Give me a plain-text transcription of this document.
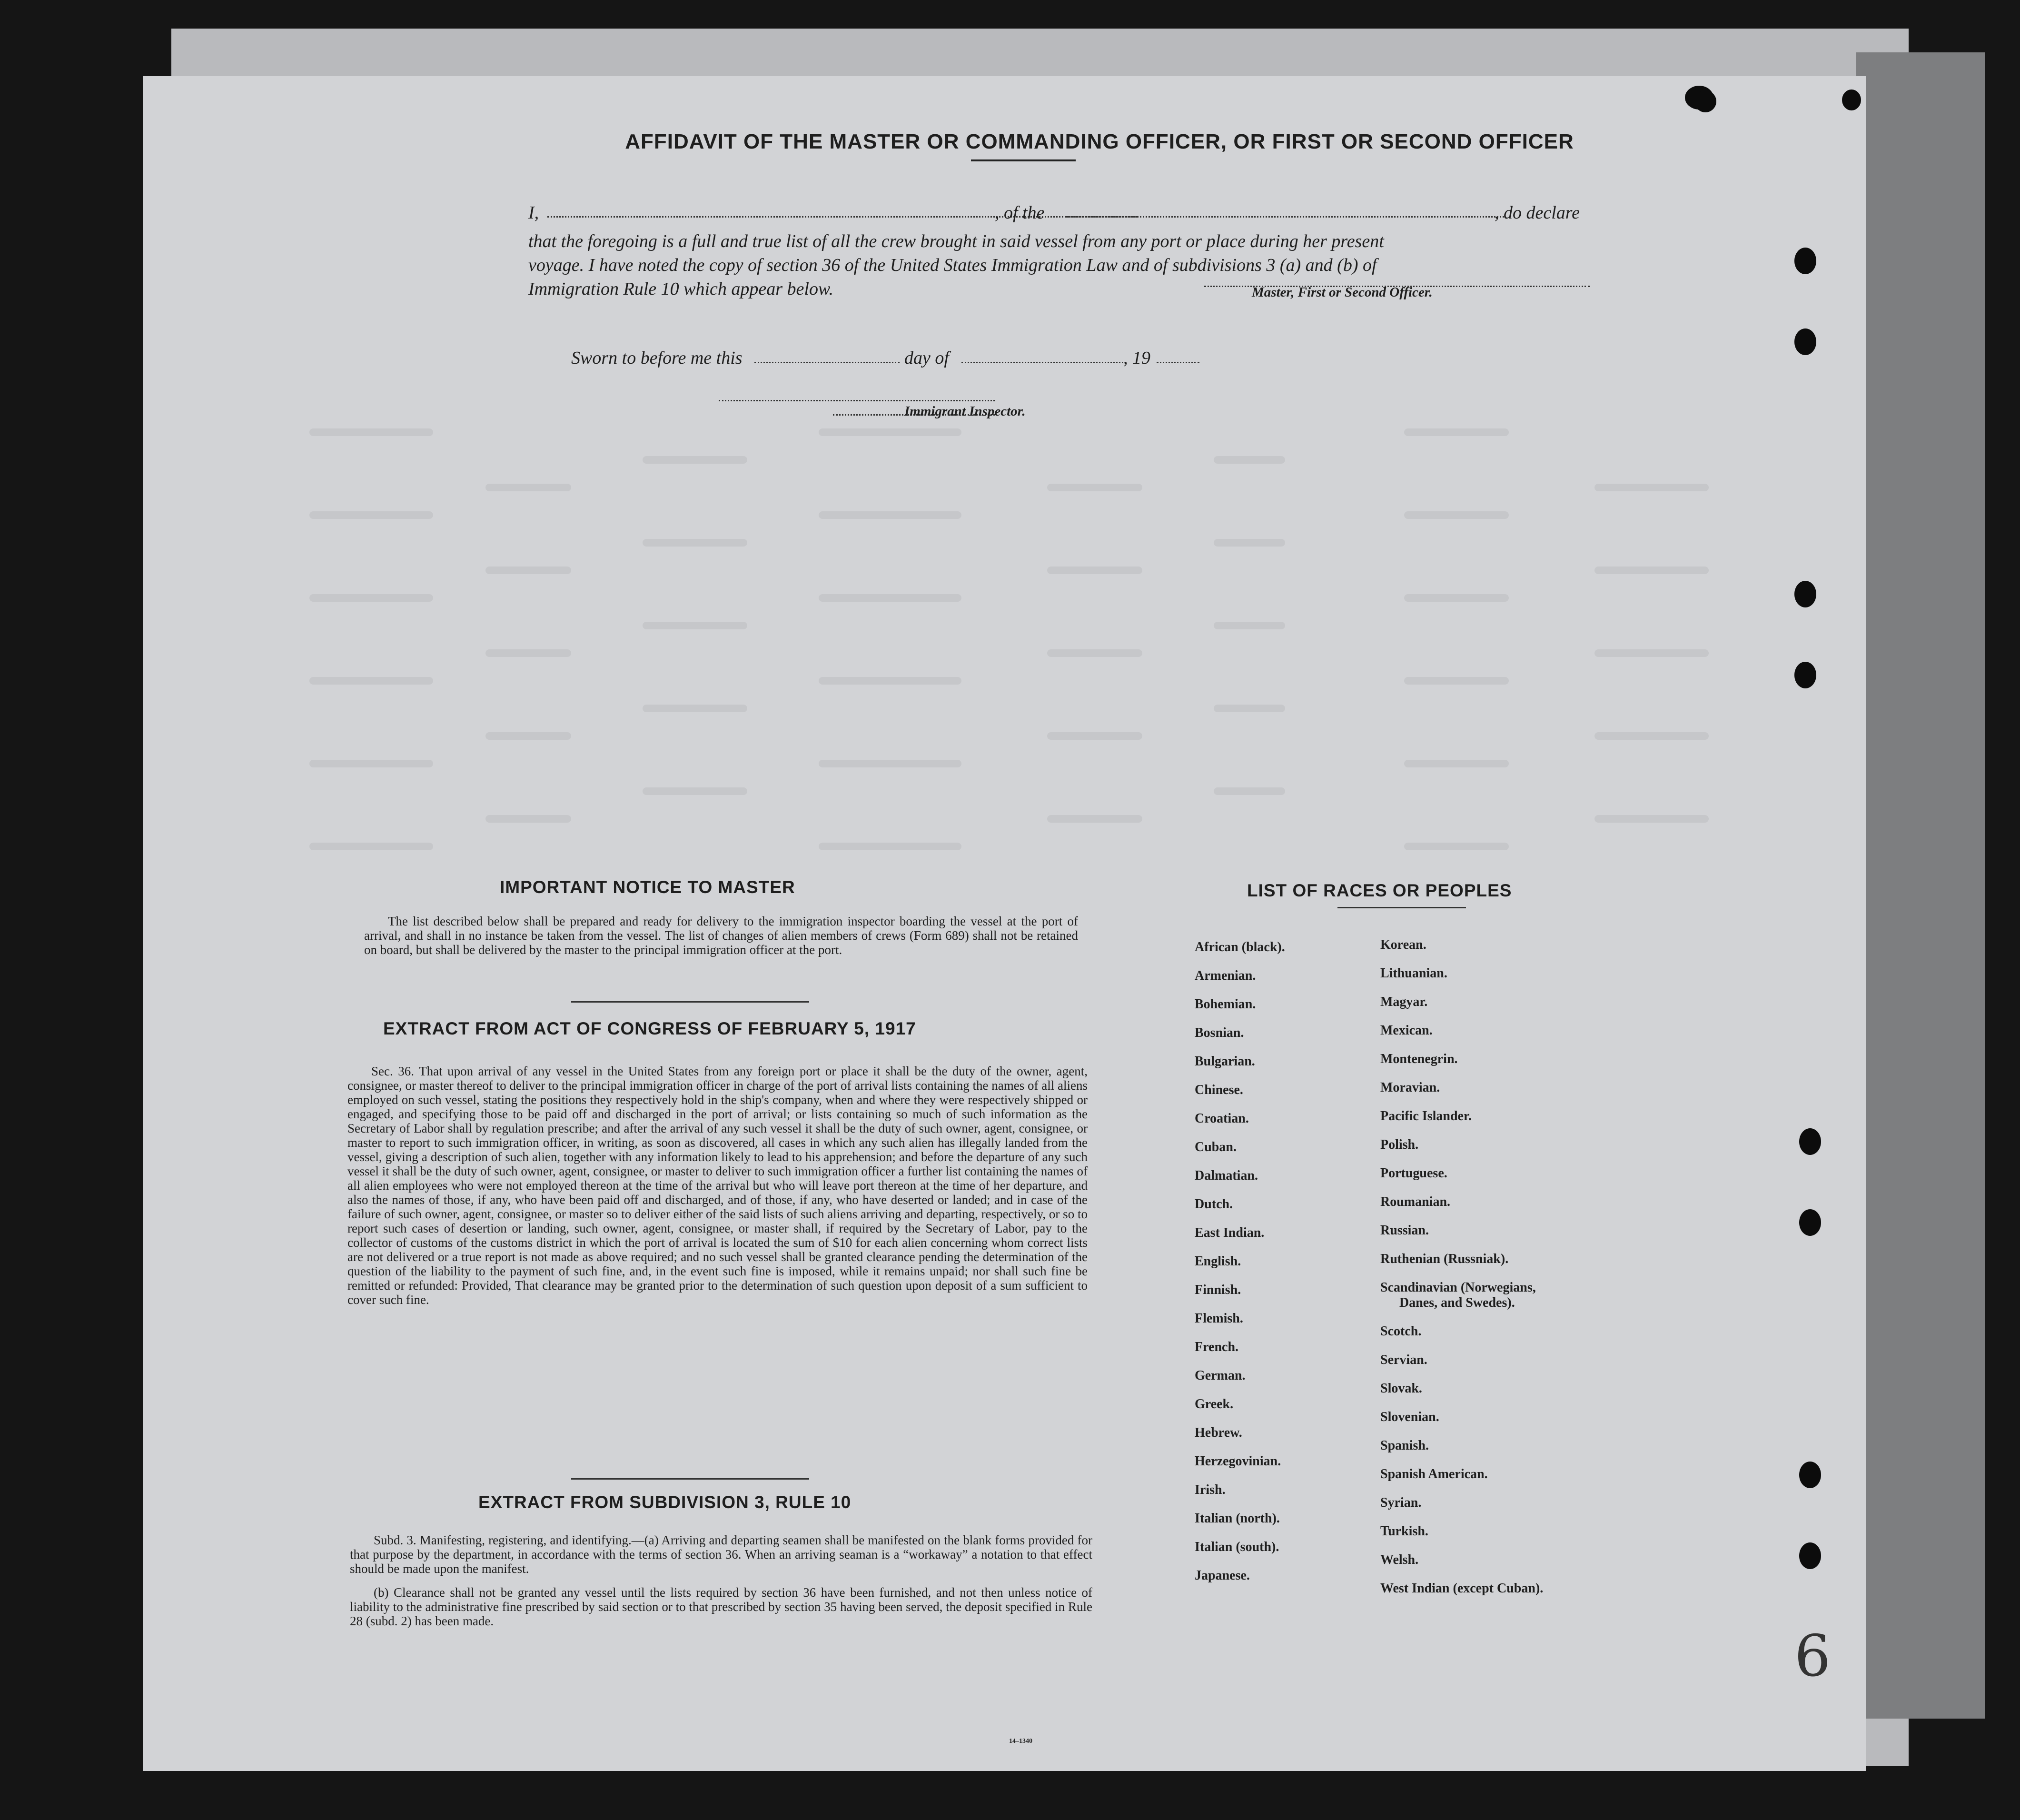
AFFIDAVIT OF THE MASTER OR COMMANDING OFFICER, OR FIRST OR SECOND OFFICER
I,	, of the	, do declare
that the foregoing is a full and true list of all the crew brought in said vessel from any port or place during her present
voyage. I have noted the copy of section 36 of the United States Immigration Law and of subdivisions 3 (a) and (b) of
Immigration Rule 10 which appear below.	Master, First or Second Officer.
Sworn to before me this	day of	, 19
Immigrant Inspector.
IMPORTANT NOTICE TO MASTER
The list described below shall be prepared and ready for delivery to the immigration inspector boarding the vessel at the port of arrival, and shall in no instance be taken from the vessel. The list of changes of alien members of crews (Form 689) shall not be retained on board, but shall be delivered by the master to the principal immigration officer at the port.
EXTRACT FROM ACT OF CONGRESS OF FEBRUARY 5, 1917
Sec. 36. That upon arrival of any vessel in the United States from any foreign port or place it shall be the duty of the owner, agent, consignee, or master thereof to deliver to the principal immigration officer in charge of the port of arrival lists containing the names of all aliens employed on such vessel, stating the positions they respectively hold in the ship's company, when and where they were respectively shipped or engaged, and specifying those to be paid off and discharged in the port of arrival; or lists containing so much of such information as the Secretary of Labor shall by regulation prescribe; and after the arrival of any such vessel it shall be the duty of such owner, agent, consignee, or master to report to such immigration officer, in writing, as soon as discovered, all cases in which any such alien has illegally landed from the vessel, giving a description of such alien, together with any information likely to lead to his apprehension; and before the departure of any such vessel it shall be the duty of such owner, agent, consignee, or master to deliver to such immigration officer a further list containing the names of all alien employees who were not employed thereon at the time of the arrival but who will leave port thereon at the time of her departure, and also the names of those, if any, who have been paid off and discharged, and of those, if any, who have deserted or landed; and in case of the failure of such owner, agent, consignee, or master so to deliver either of the said lists of such aliens arriving and departing, respectively, or so to report such cases of desertion or landing, such owner, agent, consignee, or master shall, if required by the Secretary of Labor, pay to the collector of customs of the customs district in which the port of arrival is located the sum of $10 for each alien concerning whom correct lists are not delivered or a true report is not made as above required; and no such vessel shall be granted clearance pending the determination of the question of the liability to the payment of such fine, and, in the event such fine is imposed, while it remains unpaid; nor shall such fine be remitted or refunded: Provided, That clearance may be granted prior to the determination of such question upon deposit of a sum sufficient to cover such fine.
EXTRACT FROM SUBDIVISION 3, RULE 10
Subd. 3. Manifesting, registering, and identifying.—(a) Arriving and departing seamen shall be manifested on the blank forms provided for that purpose by the department, in accordance with the terms of section 36. When an arriving seaman is a “workaway” a notation to that effect should be made upon the manifest.
(b) Clearance shall not be granted any vessel until the lists required by section 36 have been furnished, and not then unless notice of liability to the administrative fine prescribed by said section or to that prescribed by section 35 having been served, the deposit specified in Rule 28 (subd. 2) has been made.
14–1340
LIST OF RACES OR PEOPLES
African (black).
Armenian.
Bohemian.
Bosnian.
Bulgarian.
Chinese.
Croatian.
Cuban.
Dalmatian.
Dutch.
East Indian.
English.
Finnish.
Flemish.
French.
German.
Greek.
Hebrew.
Herzegovinian.
Irish.
Italian (north).
Italian (south).
Japanese.
Korean.
Lithuanian.
Magyar.
Mexican.
Montenegrin.
Moravian.
Pacific Islander.
Polish.
Portuguese.
Roumanian.
Russian.
Ruthenian (Russniak).
Scandinavian (Norwegians,
Danes, and Swedes).
Scotch.
Servian.
Slovak.
Slovenian.
Spanish.
Spanish American.
Syrian.
Turkish.
Welsh.
West Indian (except Cuban).
6
